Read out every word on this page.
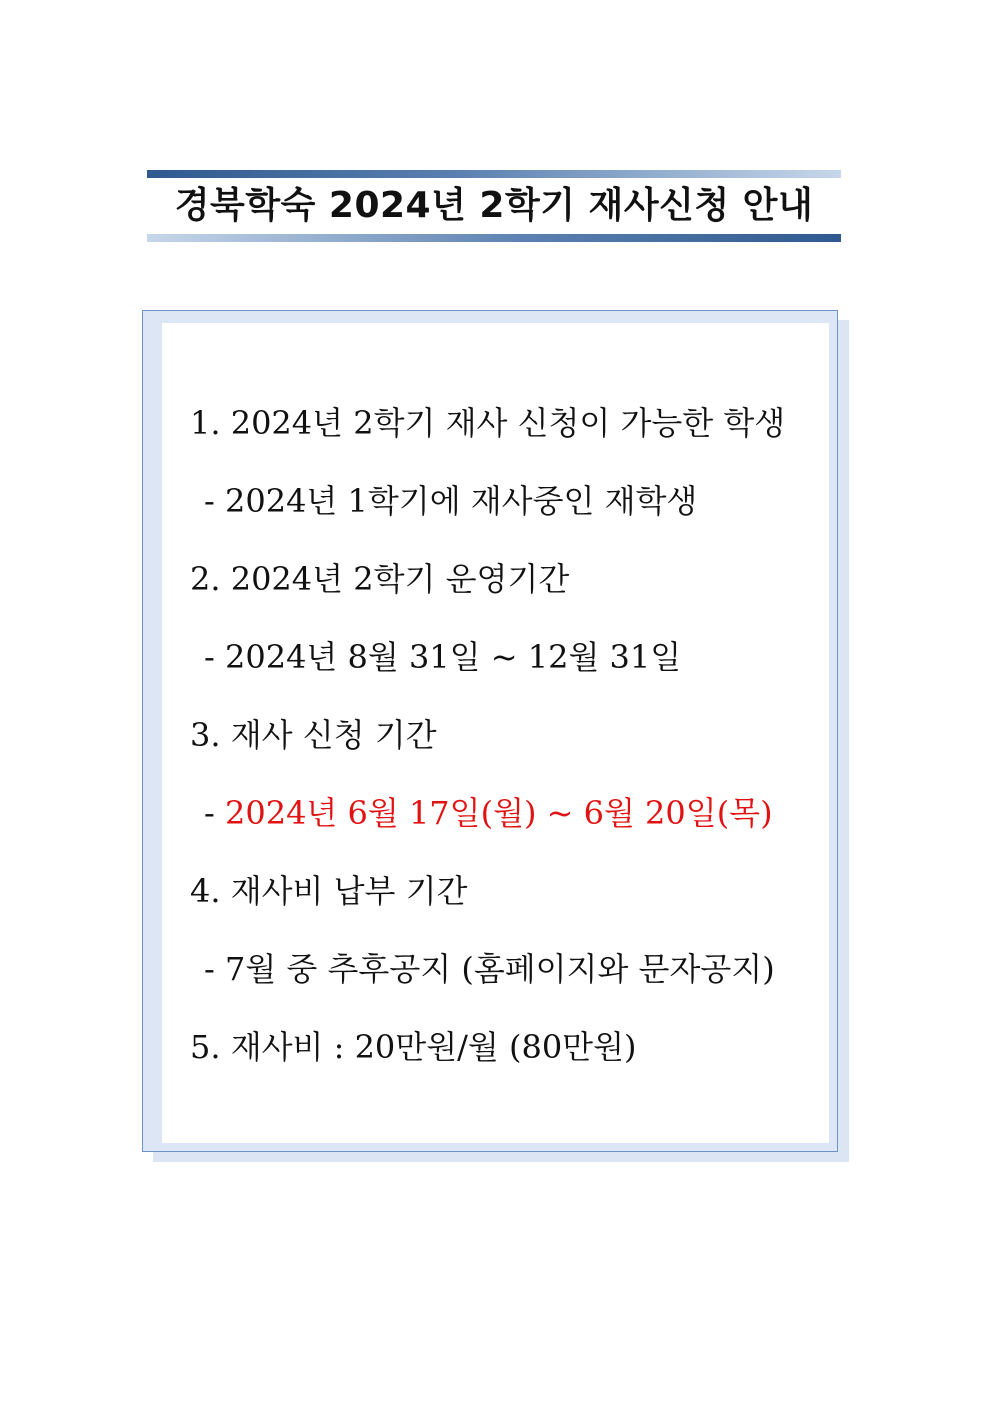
경북학숙 2024년 2학기 재사신청 안내
1. 2024년 2학기 재사 신청이 가능한 학생
- 2024년 1학기에 재사중인 재학생
2. 2024년 2학기 운영기간
- 2024년 8월 31일 ~ 12월 31일
3. 재사 신청 기간
- 2024년 6월 17일(월) ~ 6월 20일(목)
4. 재사비 납부 기간
- 7월 중 추후공지 (홈페이지와 문자공지)
5. 재사비 : 20만원/월 (80만원)
